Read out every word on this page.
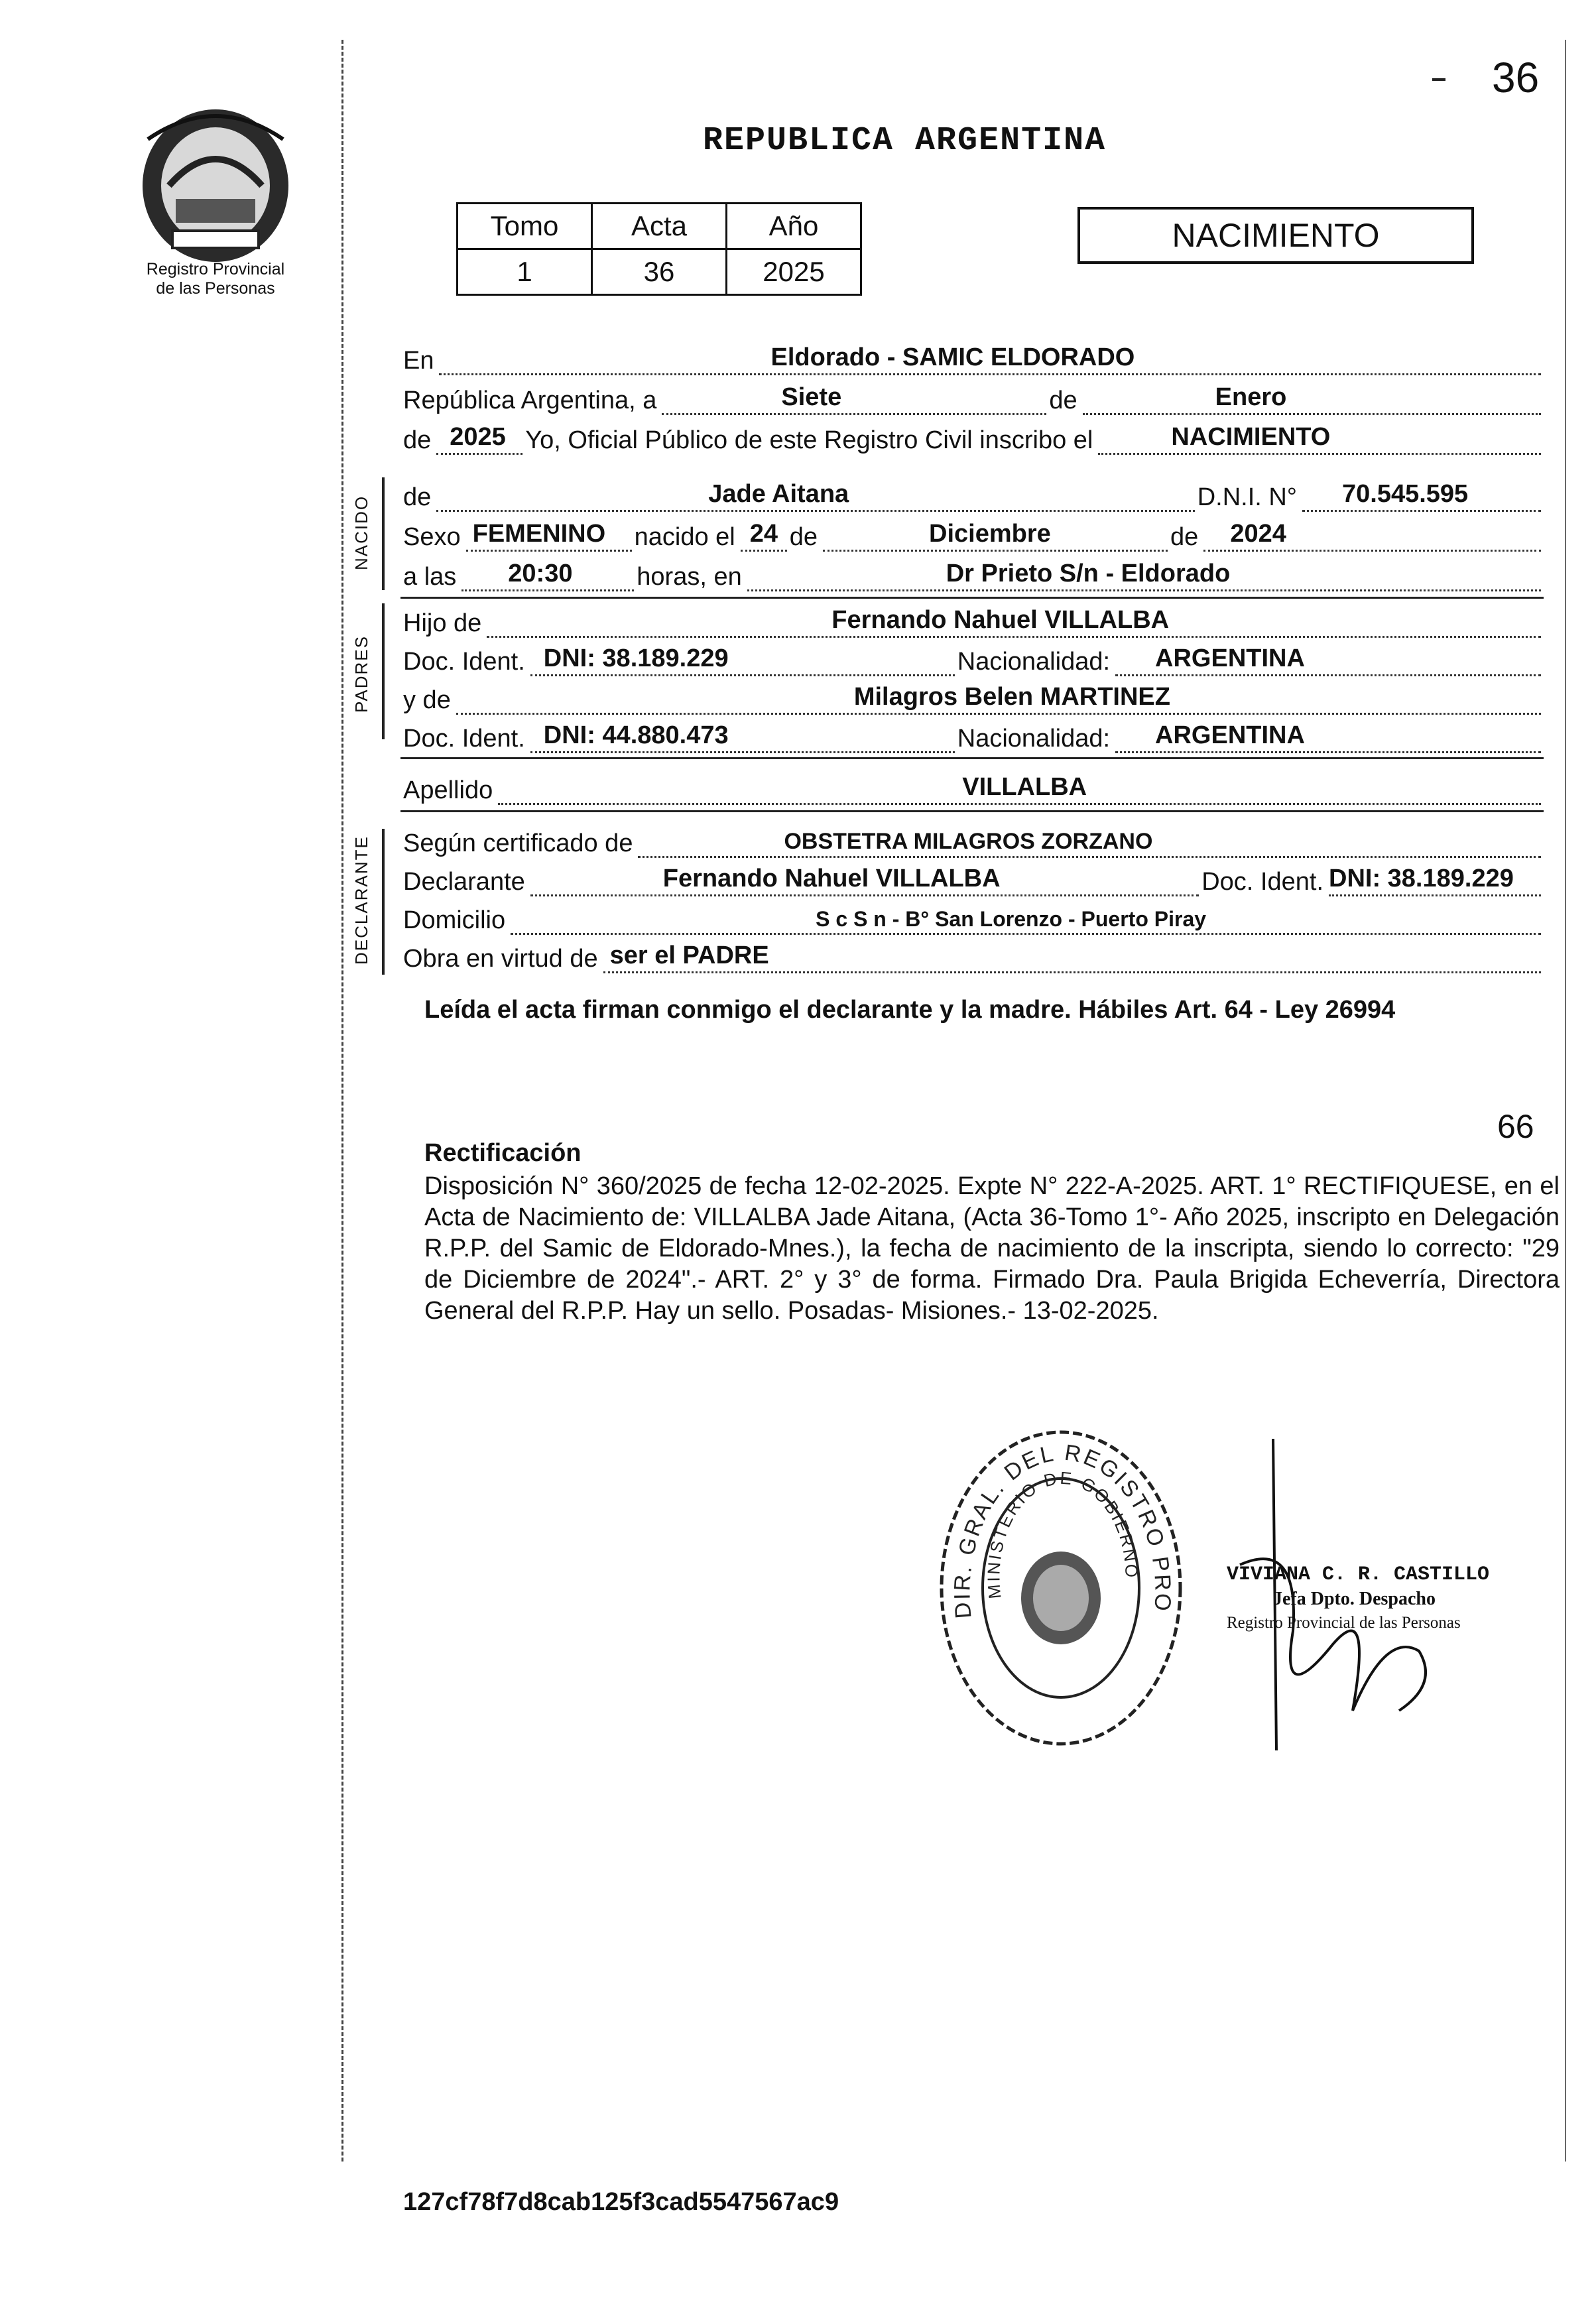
36
Registro Provincial
de las Personas
REPUBLICA ARGENTINA
Tomo	Acta	Año
1	36	2025
NACIMIENTO
En	Eldorado - SAMIC ELDORADO
República Argentina, a	Siete	de	Enero
de 2025 Yo, Oficial Público de este Registro Civil inscribo el	NACIMIENTO
NACIDO de	Jade Aitana	D.N.I. N° 70.545.595
Sexo FEMENINO nacido el 24 de	Diciembre	de 2024
a las 20:30	horas, en	Dr Prieto S/n - Eldorado
PADRES
Hijo de	Fernando Nahuel VILLALBA
Doc. Ident. DNI: 38.189.229	Nacionalidad: ARGENTINA
y de	Milagros Belen MARTINEZ
Doc. Ident. DNI: 44.880.473	Nacionalidad: ARGENTINA
Apellido	VILLALBA
DECLARANTE Según certificado de	OBSTETRA MILAGROS ZORZANO
Declarante	Fernando Nahuel VILLALBA	Doc. Ident. DNI: 38.189.229
Domicilio	S c S n - B° San Lorenzo - Puerto Piray
Obra en virtud de ser el PADRE
Leída el acta firman conmigo el declarante y la madre. Hábiles Art. 64 - Ley 26994
66
Rectificación
Disposición N° 360/2025 de fecha 12-02-2025. Expte N° 222-A-2025. ART. 1° RECTIFIQUESE, en el Acta de Nacimiento de: VILLALBA Jade Aitana, (Acta 36-Tomo 1°- Año 2025, inscripto en Delegación R.P.P. del Samic de Eldorado-Mnes.), la fecha de nacimiento de la inscripta, siendo lo correcto: "29 de Diciembre de 2024".- ART. 2° y 3° de forma. Firmado Dra. Paula Brigida Echeverría, Directora General del R.P.P. Hay un sello. Posadas- Misiones.- 13-02-2025.
DIR. GRAL. DEL REGISTRO PRO
MINISTERIO DE GOBIERNO	VIVIANA C. R. CASTILLO
Jefa Dpto. Despacho
Registro Provincial de las Personas
127cf78f7d8cab125f3cad5547567ac9
